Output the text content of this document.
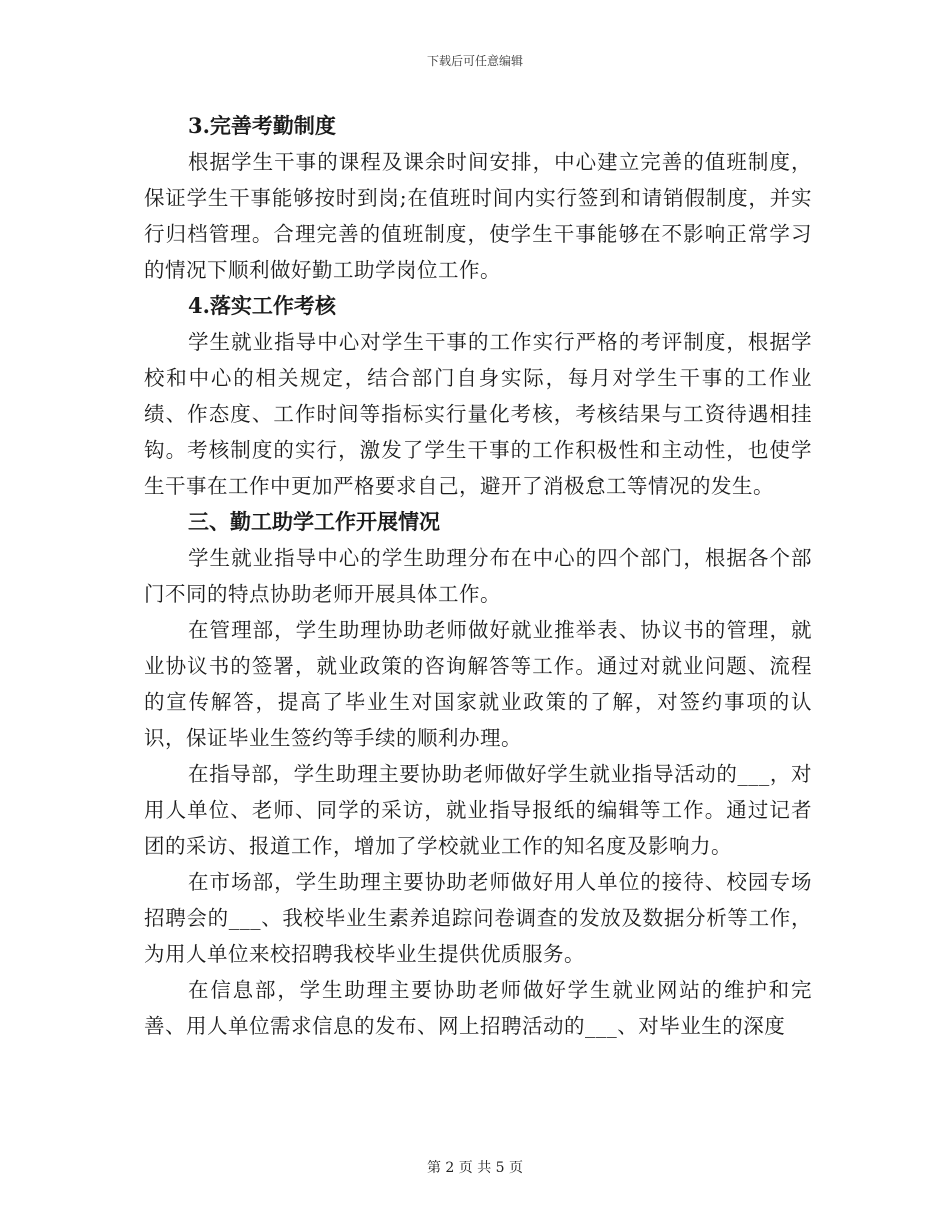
下载后可任意编辑
3.完善考勤制度

根据学生干事的课程及课余时间安排，中心建立完善的值班制度，保证学生干事能够按时到岗;在值班时间内实行签到和请销假制度，并实行归档管理。合理完善的值班制度，使学生干事能够在不影响正常学习的情况下顺利做好勤工助学岗位工作。

4.落实工作考核

学生就业指导中心对学生干事的工作实行严格的考评制度，根据学校和中心的相关规定，结合部门自身实际，每月对学生干事的工作业绩、作态度、工作时间等指标实行量化考核，考核结果与工资待遇相挂钩。考核制度的实行，激发了学生干事的工作积极性和主动性，也使学生干事在工作中更加严格要求自己，避开了消极怠工等情况的发生。

三、勤工助学工作开展情况

学生就业指导中心的学生助理分布在中心的四个部门，根据各个部门不同的特点协助老师开展具体工作。

在管理部，学生助理协助老师做好就业推举表、协议书的管理，就业协议书的签署，就业政策的咨询解答等工作。通过对就业问题、流程的宣传解答，提高了毕业生对国家就业政策的了解，对签约事项的认识，保证毕业生签约等手续的顺利办理。

在指导部，学生助理主要协助老师做好学生就业指导活动的___，对用人单位、老师、同学的采访，就业指导报纸的编辑等工作。通过记者团的采访、报道工作，增加了学校就业工作的知名度及影响力。

在市场部，学生助理主要协助老师做好用人单位的接待、校园专场招聘会的___、我校毕业生素养追踪问卷调查的发放及数据分析等工作，为用人单位来校招聘我校毕业生提供优质服务。

在信息部，学生助理主要协助老师做好学生就业网站的维护和完善、用人单位需求信息的发布、网上招聘活动的___、对毕业生的深度

第 2 页 共 5 页
